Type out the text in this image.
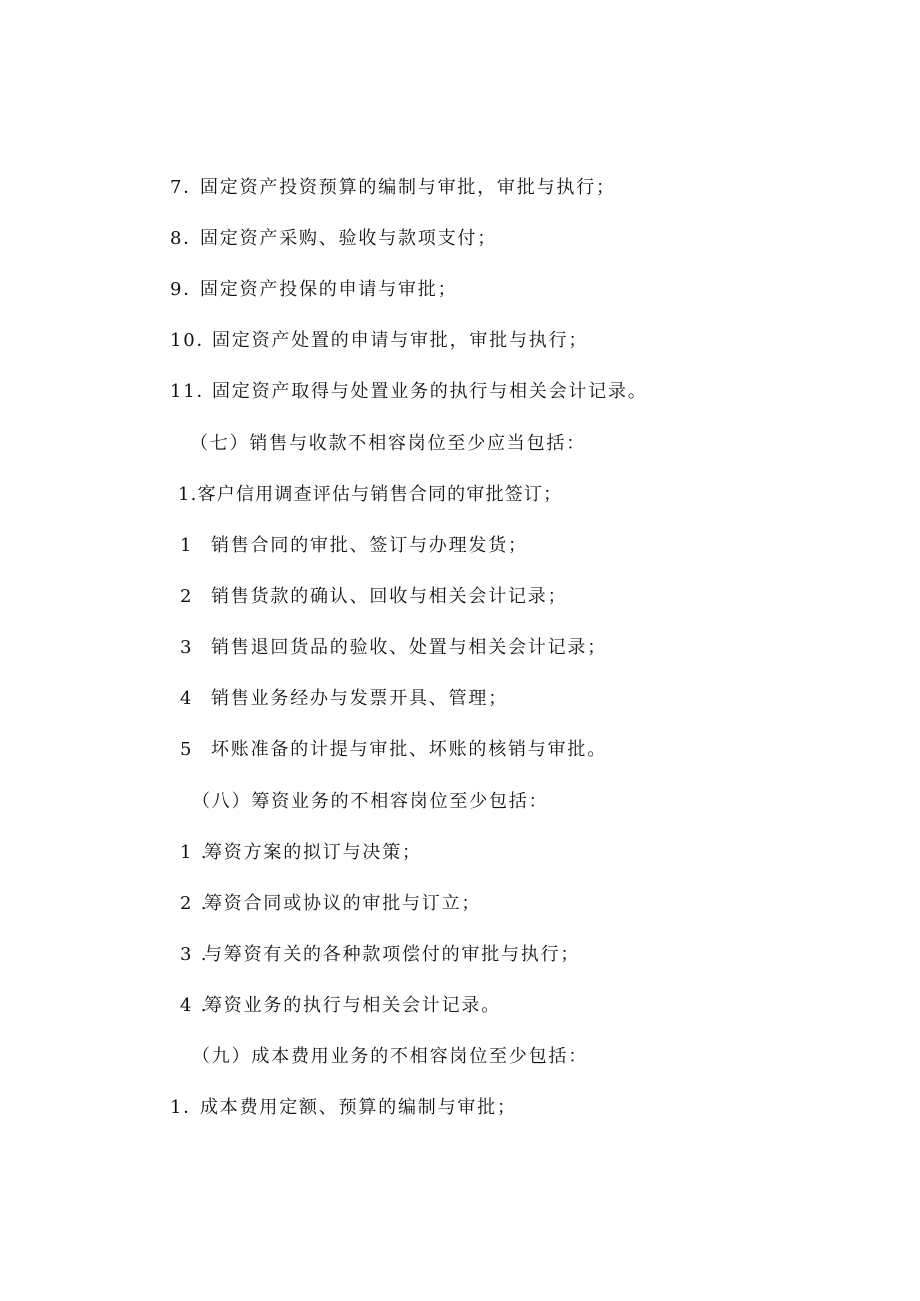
7．
固定资产投资预算的编制与审批，审批与执行；
8．
固定资产采购、验收与款项支付；
9．
固定资产投保的申请与审批；
10．
固定资产处置的申请与审批，审批与执行；
11．
固定资产取得与处置业务的执行与相关会计记录。
（七）销售与收款不相容岗位至少应当包括：
1. 客户信用调查评估与销售合同的审批签订；
1 销售合同的审批、签订与办理发货；
2 销售货款的确认、回收与相关会计记录；
3 销售退回货品的验收、处置与相关会计记录；
4 销售业务经办与发票开具、管理；
5 坏账准备的计提与审批、坏账的核销与审批。
（八）筹资业务的不相容岗位至少包括：
1 .
筹资方案的拟订与决策；
2 .
筹资合同或协议的审批与订立；
3 .
与筹资有关的各种款项偿付的审批与执行；
4 .
筹资业务的执行与相关会计记录。
（九）成本费用业务的不相容岗位至少包括：
1．
成本费用定额、预算的编制与审批；
